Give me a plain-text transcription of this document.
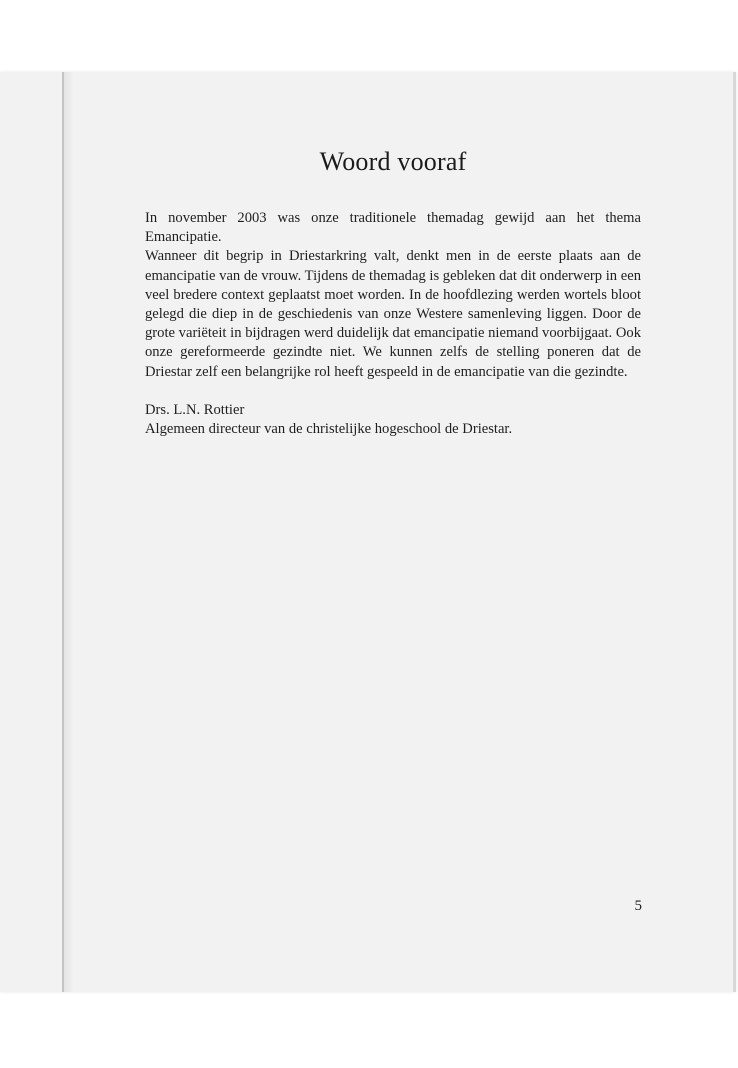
Woord vooraf

In november 2003 was onze traditionele themadag gewijd aan het thema Emancipatie.

Wanneer dit begrip in Driestarkring valt, denkt men in de eerste plaats aan de emancipatie van de vrouw. Tijdens de themadag is gebleken dat dit onderwerp in een veel bredere context geplaatst moet worden. In de hoofdlezing werden wortels bloot gelegd die diep in de geschiedenis van onze Westere samenleving liggen. Door de grote variëteit in bijdragen werd duidelijk dat emancipatie niemand voorbijgaat. Ook onze gereformeerde gezindte niet. We kunnen zelfs de stelling poneren dat de Driestar zelf een belangrijke rol heeft gespeeld in de emancipatie van die gezindte.

Drs. L.N. Rottier

Algemeen directeur van de christelijke hogeschool de Driestar.

5
